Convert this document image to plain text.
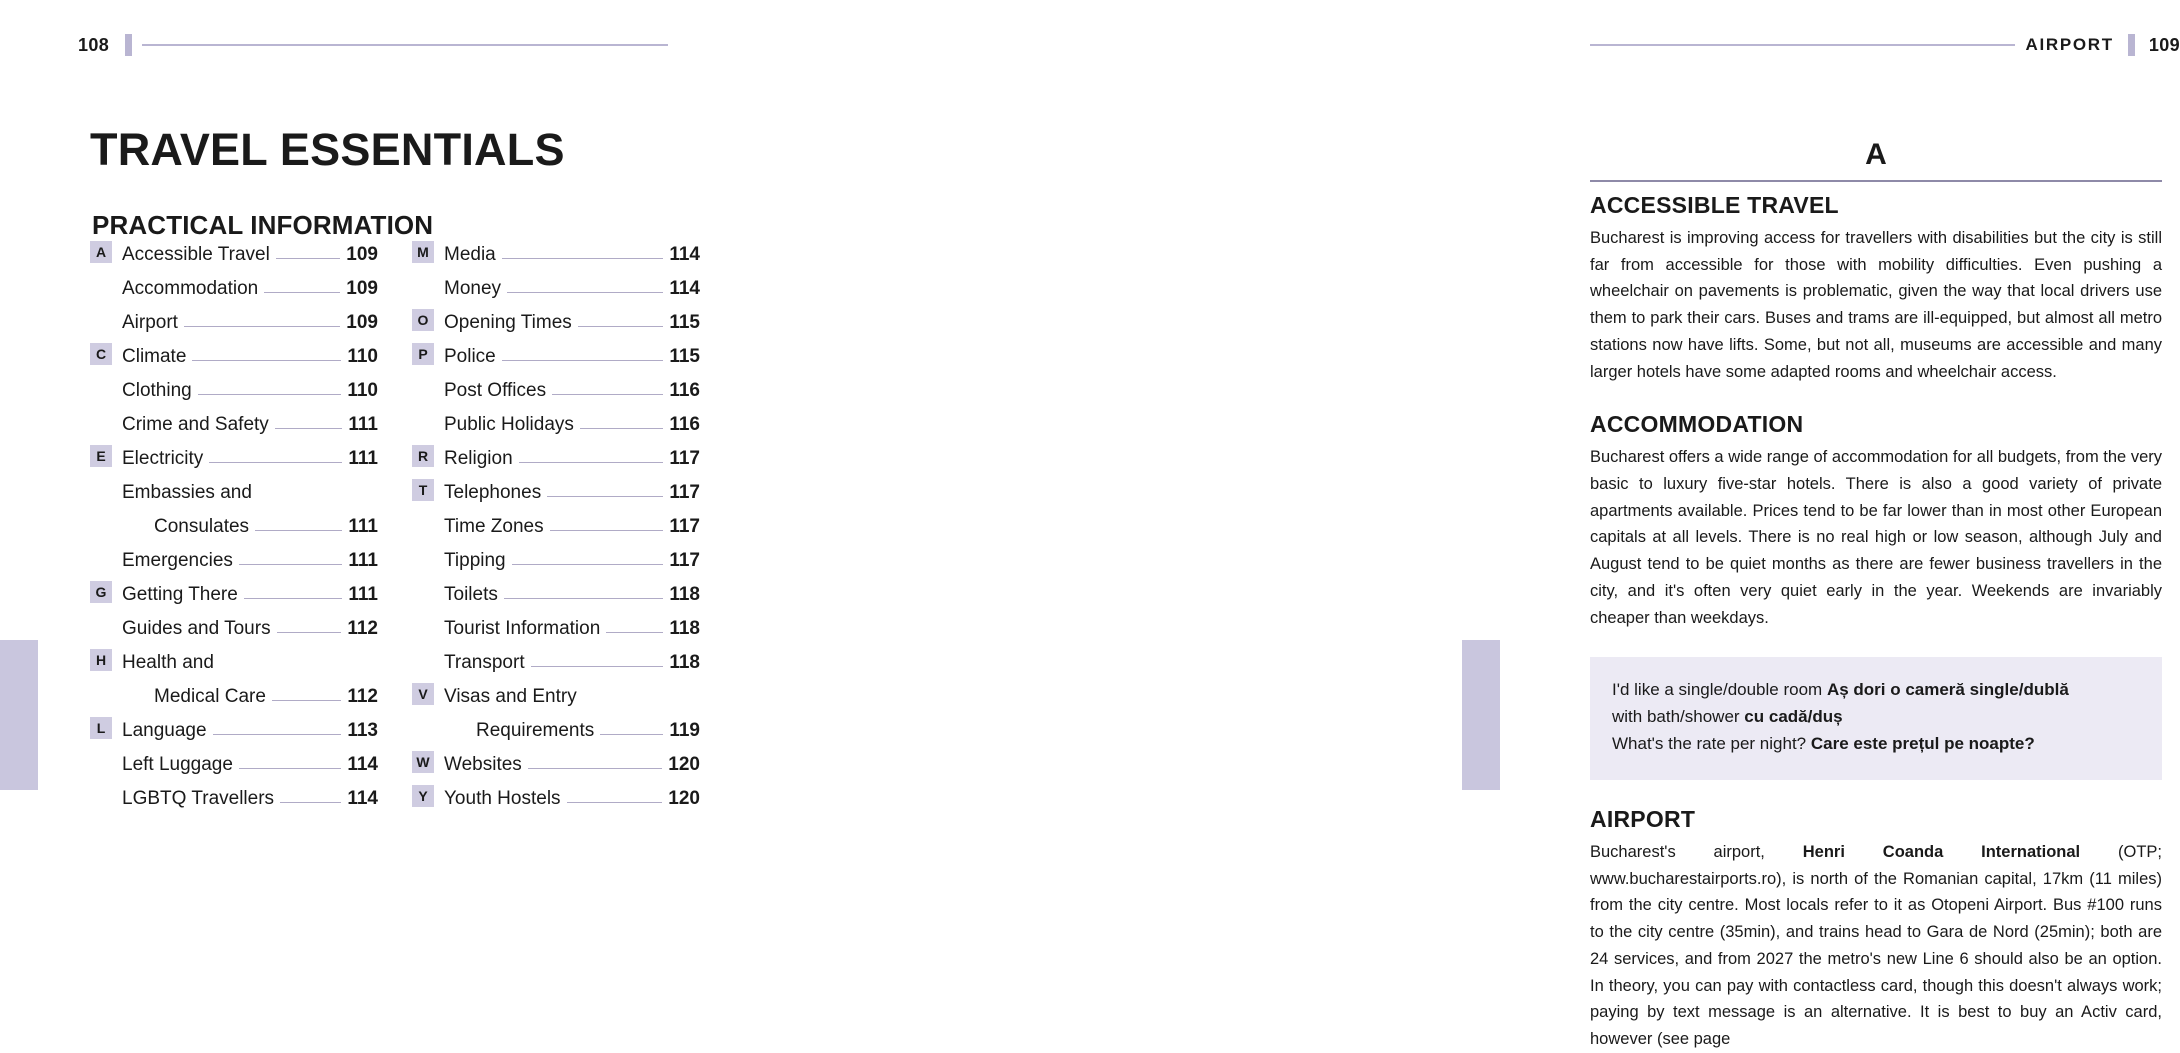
108
TRAVEL ESSENTIALS
PRACTICAL INFORMATION
A Accessible Travel	109
Accommodation	109
Airport	109
C Climate	110
Clothing	110
Crime and Safety	111
E Electricity	111
Embassies and
Consulates	111
Emergencies	111
G Getting There	111
Guides and Tours	112
H Health and
Medical Care	112
L Language	113
Left Luggage	114
LGBTQ Travellers	114
M Media	114
Money	114
O Opening Times	115
P Police	115
Post Offices	116
Public Holidays	116
R Religion	117
T Telephones	117
Time Zones	117
Tipping	117
Toilets	118
Tourist Information	118
Transport	118
V Visas and Entry
Requirements	119
W Websites	120
Y Youth Hostels	120
AIRPORT 109
A
ACCESSIBLE TRAVEL

Bucharest is improving access for travellers with disabilities but the city is still far from accessible for those with mobility difficulties. Even pushing a wheelchair on pavements is problematic, given the way that local drivers use them to park their cars. Buses and trams are ill-equipped, but almost all metro stations now have lifts. Some, but not all, museums are accessible and many larger hotels have some adapted rooms and wheelchair access.

ACCOMMODATION

Bucharest offers a wide range of accommodation for all budgets, from the very basic to luxury five-star hotels. There is also a good variety of private apartments available. Prices tend to be far lower than in most other European capitals at all levels. There is no real high or low season, although July and August tend to be quiet months as there are fewer business travellers in the city, and it's often very quiet early in the year. Weekends are invariably cheaper than weekdays.

I'd like a single/double room Aș dori o cameră single/dublă
with bath/shower cu cadă/duș
What's the rate per night? Care este prețul pe noapte?
AIRPORT

Bucharest's airport, Henri Coanda International (OTP; www.bucharestairports.ro), is north of the Romanian capital, 17km (11 miles) from the city centre. Most locals refer to it as Otopeni Airport. Bus #100 runs to the city centre (35min), and trains head to Gara de Nord (25min); both are 24 services, and from 2027 the metro's new Line 6 should also be an option. In theory, you can pay with contactless card, though this doesn't always work; paying by text message is an alternative. It is best to buy an Activ card, however (see page
